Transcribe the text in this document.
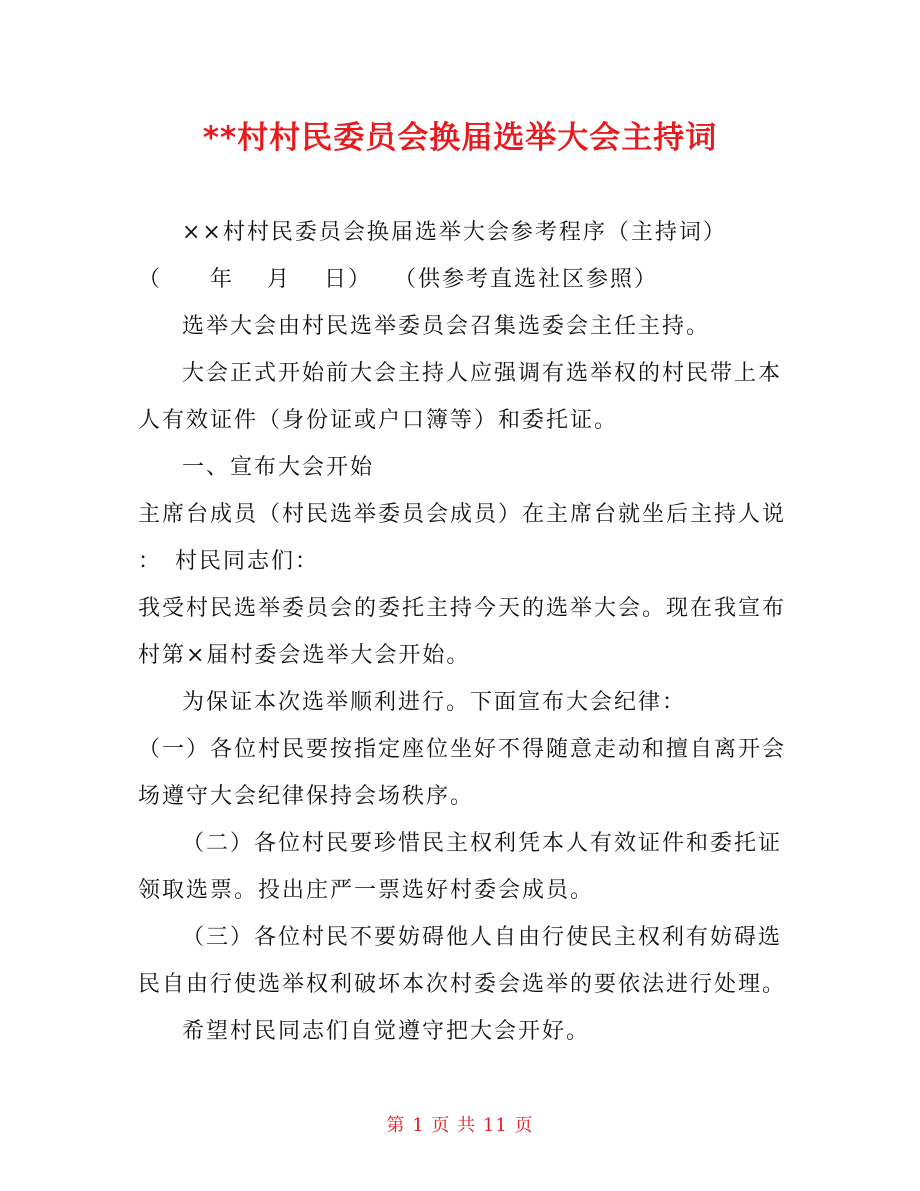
**村村民委员会换届选举大会主持词
××村村民委员会换届选举大会参考程序（主持词）
（　　年　 月　 日）　 （供参考直选社区参照）
选举大会由村民选举委员会召集选委会主任主持。
大会正式开始前大会主持人应强调有选举权的村民带上本
人有效证件（身份证或户口簿等）和委托证。
一、宣布大会开始
主席台成员（村民选举委员会成员）在主席台就坐后主持人说
：　村民同志们：
我受村民选举委员会的委托主持今天的选举大会。现在我宣布
村第×届村委会选举大会开始。
为保证本次选举顺利进行。下面宣布大会纪律：
（一）各位村民要按指定座位坐好不得随意走动和擅自离开会
场遵守大会纪律保持会场秩序。
（二）各位村民要珍惜民主权利凭本人有效证件和委托证
领取选票。投出庄严一票选好村委会成员。
（三）各位村民不要妨碍他人自由行使民主权利有妨碍选
民自由行使选举权利破坏本次村委会选举的要依法进行处理。
希望村民同志们自觉遵守把大会开好。
第 1 页 共 11 页
